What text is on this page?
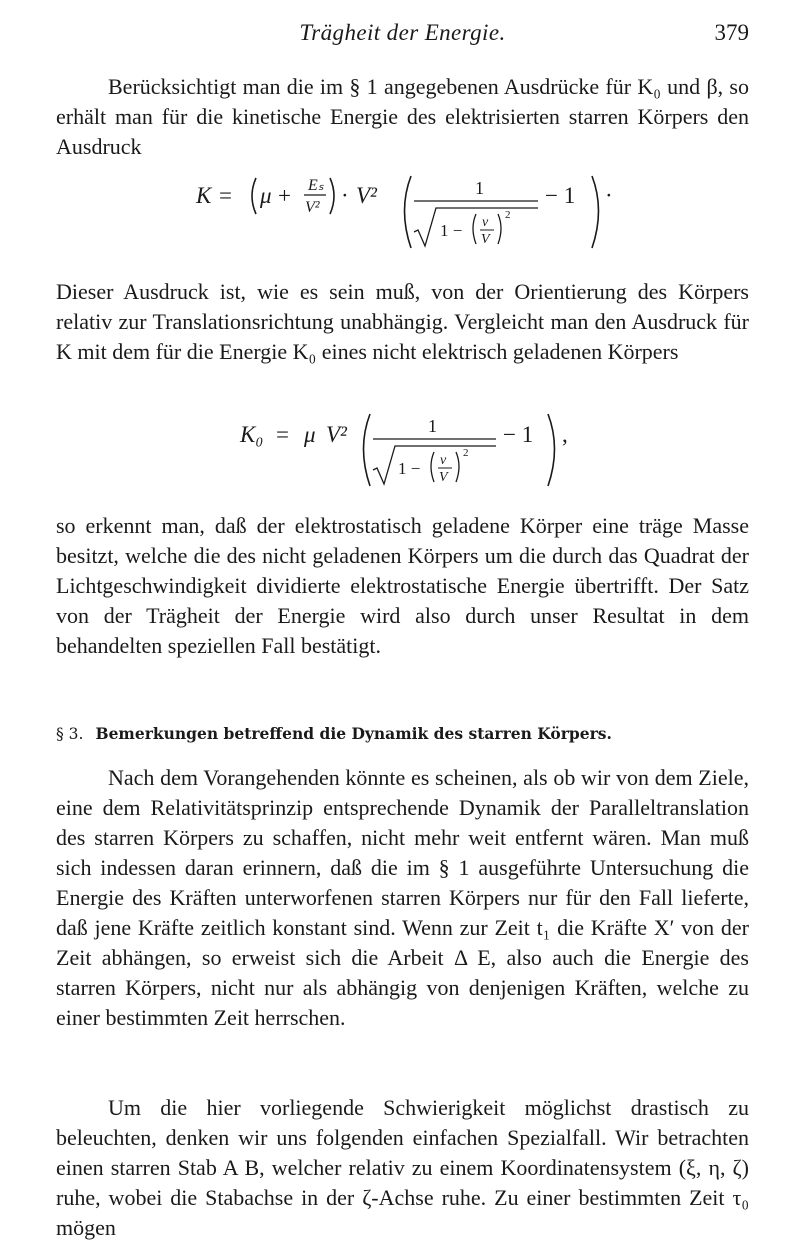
Trägheit der Energie.	379

Berücksichtigt man die im § 1 angegebenen Ausdrücke für K₀ und β, so erhält man für die kinetische Energie des elektrisierten starren Körpers den Ausdruck

K = μ + Eₛ
V² · V²	1
1 − v
V
2
− 1 ·

Dieser Ausdruck ist, wie es sein muß, von der Orientierung des Körpers relativ zur Translationsrichtung unabhängig. Vergleicht man den Ausdruck für K mit dem für die Energie K₀ eines nicht elektrisch geladenen Körpers

K₀ = μ V²	1
1 − v
V
2
− 1 ,

so erkennt man, daß der elektrostatisch geladene Körper eine träge Masse besitzt, welche die des nicht geladenen Körpers um die durch das Quadrat der Lichtgeschwindigkeit dividierte elektrostatische Energie übertrifft. Der Satz von der Trägheit der Energie wird also durch unser Resultat in dem behandelten speziellen Fall bestätigt.

§ 3. Bemerkungen betreffend die Dynamik des starren Körpers.

Nach dem Vorangehenden könnte es scheinen, als ob wir von dem Ziele, eine dem Relativitätsprinzip entsprechende Dynamik der Paralleltranslation des starren Körpers zu schaffen, nicht mehr weit entfernt wären. Man muß sich indessen daran erinnern, daß die im § 1 ausgeführte Untersuchung die Energie des Kräften unterworfenen starren Körpers nur für den Fall lieferte, daß jene Kräfte zeitlich konstant sind. Wenn zur Zeit t₁ die Kräfte X′ von der Zeit abhängen, so erweist sich die Arbeit Δ E, also auch die Energie des starren Körpers, nicht nur als abhängig von denjenigen Kräften, welche zu einer bestimmten Zeit herrschen.

Um die hier vorliegende Schwierigkeit möglichst drastisch zu beleuchten, denken wir uns folgenden einfachen Spezialfall. Wir betrachten einen starren Stab A B, welcher relativ zu einem Koordinatensystem (ξ, η, ζ) ruhe, wobei die Stabachse in der ζ-Achse ruhe. Zu einer bestimmten Zeit τ₀ mögen
